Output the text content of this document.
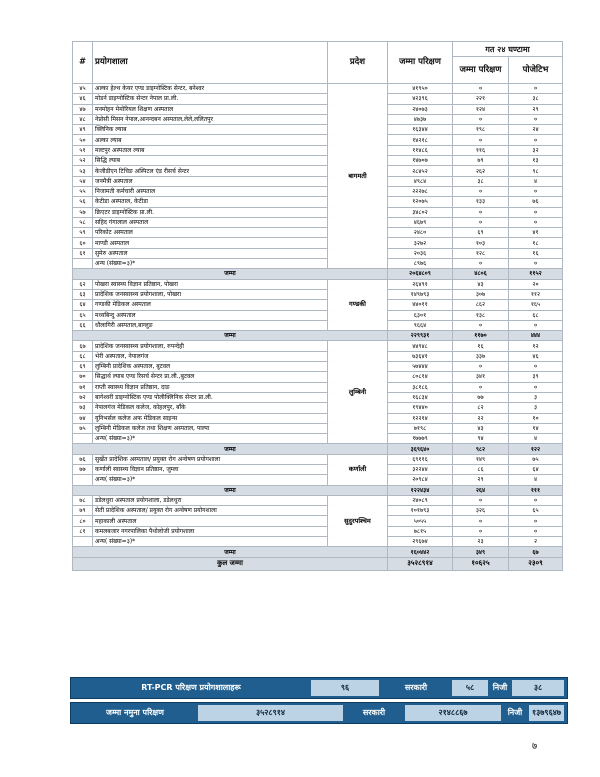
#	प्रयोगशाला	प्रदेश	जम्मा परिक्षण	गत २४ घण्टामा	
				जम्मा परिक्षण	पोजेटिभ
४५	अल्का हेल्थ केयर एण्ड डाइग्नोस्टिक सेन्टर, बनेश्वर	बागमती	४१९५०	०	०
४६	मोडर्न डाइग्नोस्टिक सेन्टर नेपाल प्रा.ली.		४२३९६	२२१	३८
४७	मनमोहन मेमोरियल शिक्षण अस्पताल		२४०७३	१२४	२९
४८	नेप्रोसी मिसन नेपाल,आनन्दबन अस्पताल,लेले,ललितपुर		४७३७	०	०
४९	क्लिनिक ल्याब		१६३४४	१९८	२४
५०	अल्का ल्याब		१४२१८	०	०
५१	मल्टपुर अस्पताल ल्याब		११४८६	११६	३२
५२	सिद्धि ल्याब		१४७०७	७९	१३
५३	केजीडीएन टिचिङ अस्पिटल एंड रीसर्च सेन्टर		२८४५२	२६२	९८
५४	जनमैत्री अस्पताल		४९८४	३८	४
५५	निजामती कर्मचारी अस्पताल		२२२७८	०	०
५६	केटीडा अस्पताल, केटीडा		१२०७५	१३३	७६
५७	क्रिएटर डाइग्नोस्टिक प्रा.ली.		३४८०२	०	०
५८	सहिद गंगालाल अस्पताल		४६७९	०	०
५९	परिकोट अस्पताल		२४८०	६९	४१
६०	माण्डी अस्पताल		३२७२	१०३	१८
६१	सुमेरु अस्पताल		२०३६	१२८	१६
	अन्य (संख्या=३)*		८९७६	०	०
जम्मा			२०६४८०९	४८०६	११५२
६२	पोखरा स्वास्थ्य विज्ञान प्रतिष्ठान, पोखरा	गण्डकी	२६४९१	४३	२०
६३	प्रादेशिक जनस्वास्थ्य प्रयोगशाला, पोखरा		१४९७९३	३०७	११२
६४	गण्डकी मेडिकल अस्पताल		४४०११	८६२	१६५
६५	मध्यबिन्दु अस्पताल		६३०१	१३८	६८
६६	धौलागिरी अस्पताल,बाग्लुङ		९६६४	०	०
जम्मा			२२९९३१	११७०	४४४
६७	प्रादेशिक जनस्वास्थ्य प्रयोगशाला, रुपन्देही	लुम्बिनी	४४९४८	१६	१२
६८	भेरी अस्पताल, नेपालगंज		७३६४१	३३७	४६
६९	लुम्बिनी प्रादेशिक अस्पताल, बुटवल		५७४४४	०	०
७०	सिद्धार्थ ल्याब एण्ड रिसर्च सेन्टर प्रा.ली.,बुटवल		८०८१४	३४१	३९
७१	राप्ती स्वास्थ्य विज्ञान प्रतिष्ठान, दाङ		३८१८६	०	०
७२	बागेश्वरी डाइग्नोस्टिक एण्ड पोलीक्लिनिक सेन्टर प्रा.ली.		१६८३४	७७	३
७३	नेपालगंज मेडिकल कलेज, कोहलपुर, बाँके		१९४४०	८२	३
७४	युनिभर्सल कलेज अफ मेडिकल साइन्स		१२२१४	२२	१०
७५	लुम्बिनी मेडिकल कलेज तथा शिक्षण अस्पताल, पाल्पा		७१९८	४३	१४
	अन्य( संख्या=३)*		१७७७९	९४	४
जम्मा			३६९६४०	९८२	१२२
७६	सुर्खेत प्रादेशिक अस्पताल/ प्रयुक्त रोग अन्वेषण प्रयोगशाला	कर्णाली	६९११६	१४९	७५
७७	कर्णाली स्वास्थ्य विज्ञान प्रतिष्ठान, जुम्ला		३२२४४	८६	६४
	अन्य( संख्या=३)*		२०९८४	२९	४
जम्मा			१२२४३४	२६४	१११
७८	डडेलधुरा अस्पताल प्रयोगशाला, डडेलधुरा	सुदुरपश्चिम	२४०८९	०	०
७९	सेती प्रादेशिक अस्पताल/ प्रयुक्त रोग अन्वेषण प्रयोगशाला		१०१७९३	३२६	६५
८०	महाकाली अस्पताल		५०५५	०	०
८१	कमलबजार नगरपालिका पैथोलोजी प्रयोगशाला		७८१५	०	०
	अन्य( संख्या=३)*		२९६७४	२३	२
जम्मा			१६०४४२	३४९	६७
कुल जम्मा			३५२८९१४	१०६२५	२३०९
RT-PCR परिक्षण प्रयोगशालाहरू	९६	सरकारी	५८	निजी	३८
जम्मा नमुना परिक्षण	३५२८९१४	सरकारी	२१४८८६७	निजी	१३७९६४७
७
